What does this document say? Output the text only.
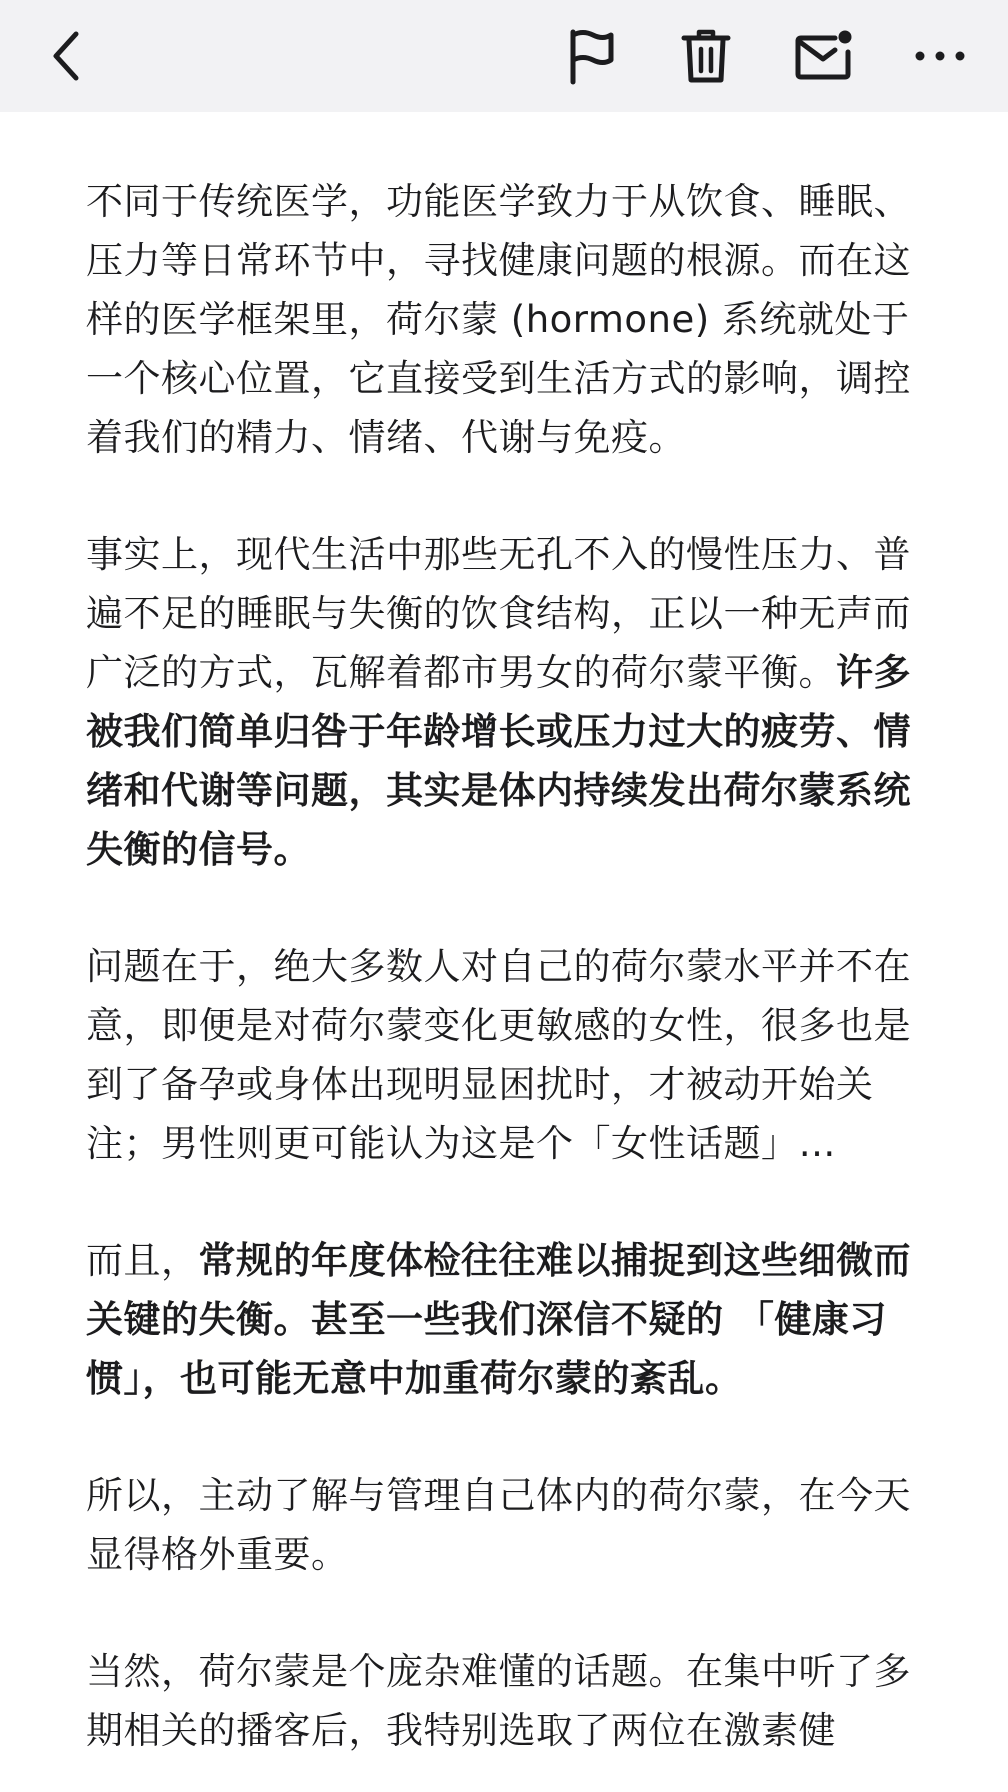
不同于传统医学，功能医学致力于从饮食、睡眠、压力等日常环节中，寻找健康问题的根源。而在这样的医学框架里，荷尔蒙 (hormone) 系统就处于一个核心位置，它直接受到生活方式的影响，调控着我们的精力、情绪、代谢与免疫。

事实上，现代生活中那些无孔不入的慢性压力、普遍不足的睡眠与失衡的饮食结构，正以一种无声而广泛的方式，瓦解着都市男女的荷尔蒙平衡。许多被我们简单归咎于年龄增长或压力过大的疲劳、情绪和代谢等问题，其实是体内持续发出荷尔蒙系统失衡的信号。

问题在于，绝大多数人对自己的荷尔蒙水平并不在意，即便是对荷尔蒙变化更敏感的女性，很多也是到了备孕或身体出现明显困扰时，才被动开始关注；男性则更可能认为这是个「女性话题」…

而且，常规的年度体检往往难以捕捉到这些细微而关键的失衡。甚至一些我们深信不疑的 「健康习惯」，也可能无意中加重荷尔蒙的紊乱。

所以，主动了解与管理自己体内的荷尔蒙，在今天显得格外重要。

当然，荷尔蒙是个庞杂难懂的话题。在集中听了多期相关的播客后，我特别选取了两位在激素健
